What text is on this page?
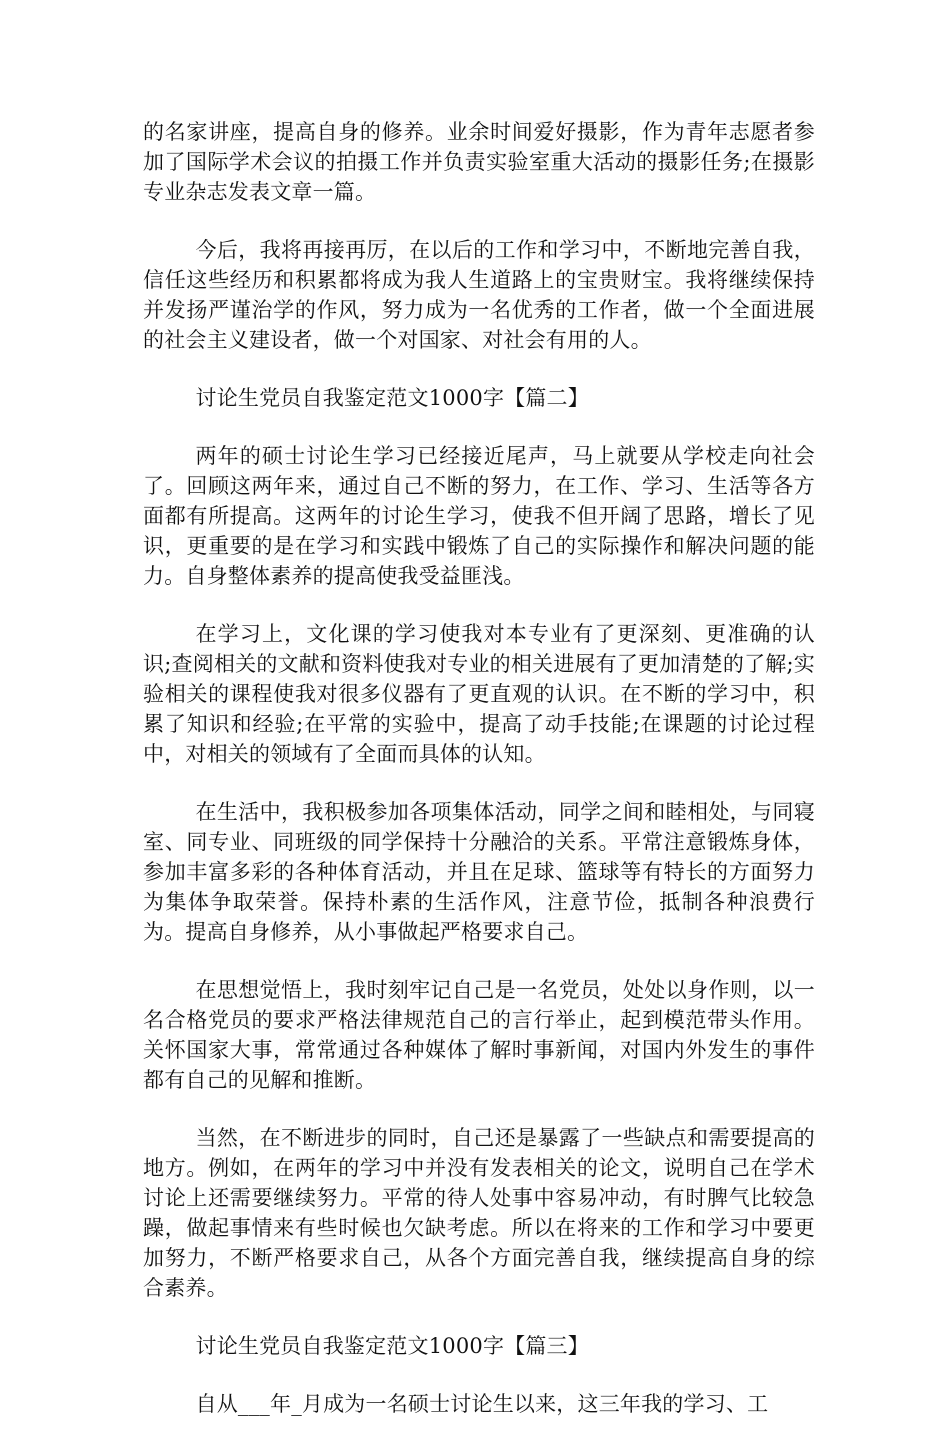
的名家讲座，提高自身的修养。业余时间爱好摄影，作为青年志愿者参加了国际学术会议的拍摄工作并负责实验室重大活动的摄影任务;在摄影专业杂志发表文章一篇。

今后，我将再接再厉，在以后的工作和学习中，不断地完善自我，信任这些经历和积累都将成为我人生道路上的宝贵财宝。我将继续保持并发扬严谨治学的作风，努力成为一名优秀的工作者，做一个全面进展的社会主义建设者，做一个对国家、对社会有用的人。

讨论生党员自我鉴定范文1000字【篇二】

两年的硕士讨论生学习已经接近尾声，马上就要从学校走向社会了。回顾这两年来，通过自己不断的努力，在工作、学习、生活等各方面都有所提高。这两年的讨论生学习，使我不但开阔了思路，增长了见识，更重要的是在学习和实践中锻炼了自己的实际操作和解决问题的能力。自身整体素养的提高使我受益匪浅。

在学习上，文化课的学习使我对本专业有了更深刻、更准确的认识;查阅相关的文献和资料使我对专业的相关进展有了更加清楚的了解;实验相关的课程使我对很多仪器有了更直观的认识。在不断的学习中，积累了知识和经验;在平常的实验中，提高了动手技能;在课题的讨论过程中，对相关的领域有了全面而具体的认知。

在生活中，我积极参加各项集体活动，同学之间和睦相处，与同寝室、同专业、同班级的同学保持十分融洽的关系。平常注意锻炼身体，参加丰富多彩的各种体育活动，并且在足球、篮球等有特长的方面努力为集体争取荣誉。保持朴素的生活作风，注意节俭，抵制各种浪费行为。提高自身修养，从小事做起严格要求自己。

在思想觉悟上，我时刻牢记自己是一名党员，处处以身作则，以一名合格党员的要求严格法律规范自己的言行举止，起到模范带头作用。关怀国家大事，常常通过各种媒体了解时事新闻，对国内外发生的事件都有自己的见解和推断。

当然，在不断进步的同时，自己还是暴露了一些缺点和需要提高的地方。例如，在两年的学习中并没有发表相关的论文，说明自己在学术讨论上还需要继续努力。平常的待人处事中容易冲动，有时脾气比较急躁，做起事情来有些时候也欠缺考虑。所以在将来的工作和学习中要更加努力，不断严格要求自己，从各个方面完善自我，继续提高自身的综合素养。

讨论生党员自我鉴定范文1000字【篇三】

自从___年_月成为一名硕士讨论生以来，这三年我的学习、工
